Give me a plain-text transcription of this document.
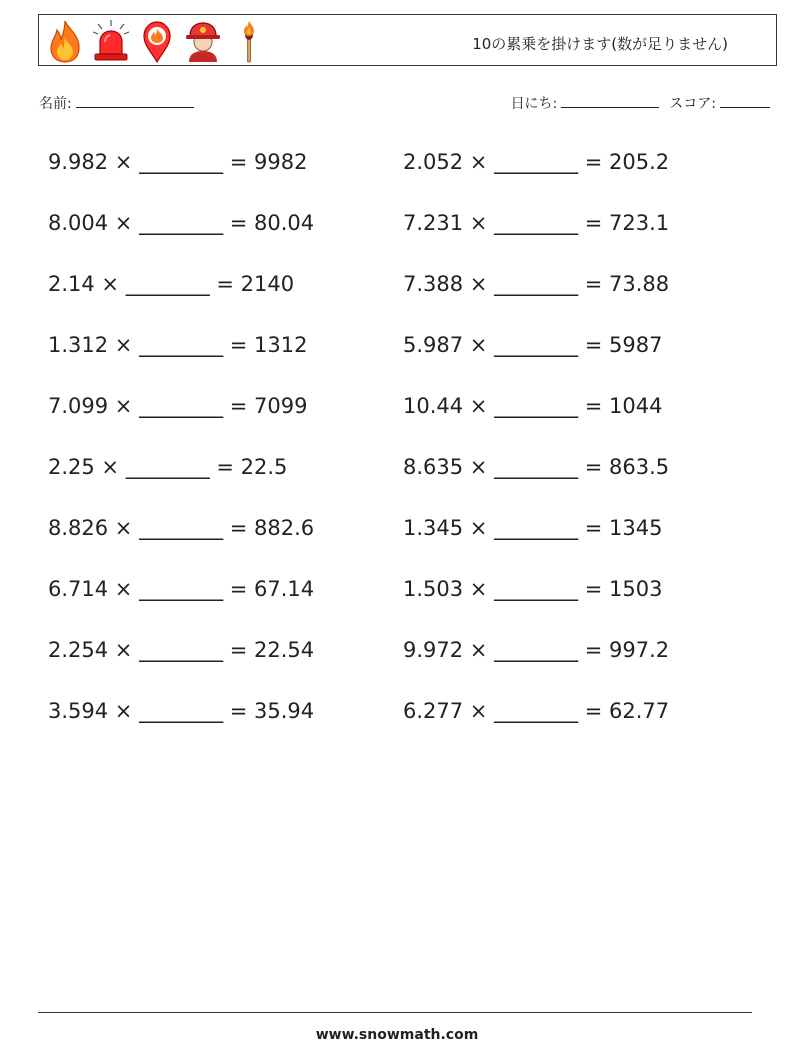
10の累乗を掛けます(数が足りません)
名前:	日にち:	スコア:
9.982 × ________ = 9982	2.052 × ________ = 205.2
8.004 × ________ = 80.04	7.231 × ________ = 723.1
2.14 × ________ = 2140	7.388 × ________ = 73.88
1.312 × ________ = 1312	5.987 × ________ = 5987
7.099 × ________ = 7099	10.44 × ________ = 1044
2.25 × ________ = 22.5	8.635 × ________ = 863.5
8.826 × ________ = 882.6	1.345 × ________ = 1345
6.714 × ________ = 67.14	1.503 × ________ = 1503
2.254 × ________ = 22.54	9.972 × ________ = 997.2
3.594 × ________ = 35.94	6.277 × ________ = 62.77
www.snowmath.com
